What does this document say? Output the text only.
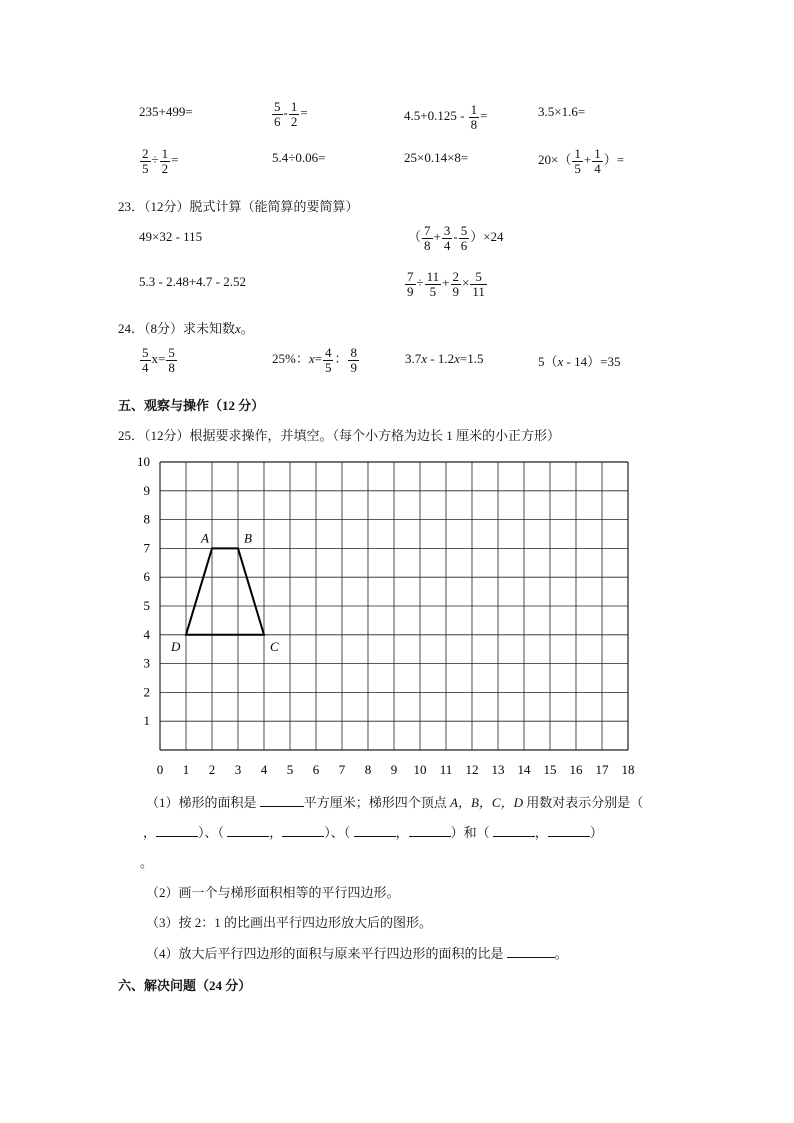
235+499=	$\frac{5}{6} - \frac{1}{2}$ =	$4.5+0.125 - \frac{1}{8}$ =	3.5×1.6=
$\frac{2}{5} \div \frac{1}{2}$ =	5.4÷0.06=	25×0.14×8=	$20\times( \frac{1}{5} + \frac{1}{4}$ ）=
23．（12分）脱式计算（能简算的要简算）
49×32 - 115	（ $\frac{7}{8} + \frac{3}{4} - \frac{5}{6} )\times 24$
5.3 - 2.48+4.7 - 2.52	$\frac{7}{9} \div \frac{11}{5} + \frac{2}{9} \times \frac{5}{11}$
24．（8分）求未知数x。
$\frac{5}{4} x= \frac{5}{8}$	25%：$x= \frac{4}{5}$ ： $\frac{8}{9}$	3.7x - 1.2x=1.5	5（x - 14）=35
五、观察与操作（12 分）
25．（12分）根据要求操作，并填空。（每个小方格为边长 1 厘米的小正方形）
1
2
3
4
5
6
7
8
9
10
0 1 2 3 4 5 6 7 8 9 10 11 12 13 14 15 16 17 18
A	B
C
D
（1）梯形的面积是	平方厘米；梯形四个顶点 A，B，C，D 用数对表示分别是（
，	）、（	，	）、（	，	）和（	，	）
。
（2）画一个与梯形面积相等的平行四边形。
（3）按 2：1 的比画出平行四边形放大后的图形。
（4）放大后平行四边形的面积与原来平行四边形的面积的比是	。
六、解决问题（24 分）
